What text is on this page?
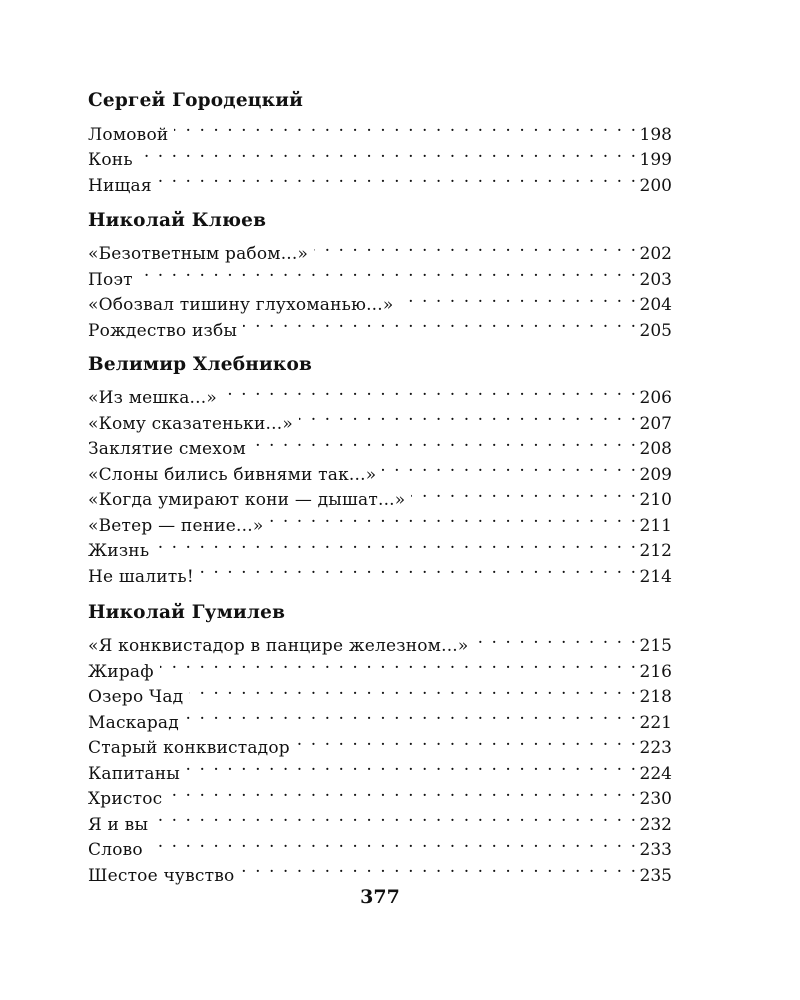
Сергей Городецкий
Ломовой . . .	198
Конь . . .	199
Нищая . . .	200
Николай Клюев
«Безответным рабом...» . . .	202
Поэт . . .	203
«Обозвал тишину глухоманью...» . . .	204
Рождество избы . . .	205
Велимир Хлебников
«Из мешка...» . . .	206
«Кому сказатеньки...» . . .	207
Заклятие смехом . . .	208
«Слоны бились бивнями так...» . . .	209
«Когда умирают кони — дышат...» . . .	210
«Ветер — пение...» . . .	211
Жизнь . . .	212
Не шалить! . . .	214
Николай Гумилев
«Я конквистадор в панцире железном...» . . .	215
Жираф . . .	216
Озеро Чад . . .	218
Маскарад . . .	221
Старый конквистадор . . .	223
Капитаны . . .	224
Христос . . .	230
Я и вы . . .	232
Слово . . .	233
Шестое чувство . . .	235
377
